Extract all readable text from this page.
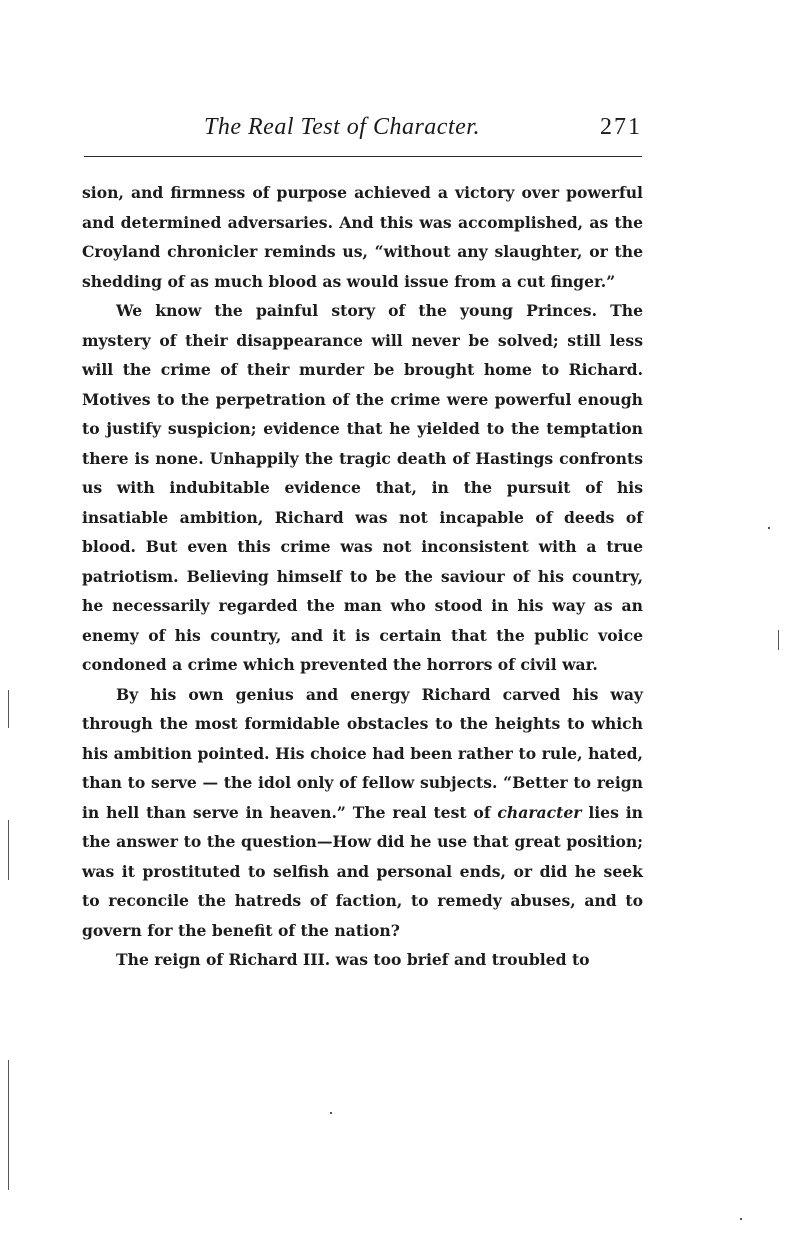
The Real Test of Character.	271

sion, and firmness of purpose achieved a victory over powerful and determined adversaries. And this was accomplished, as the Croyland chronicler reminds us, “without any slaughter, or the shedding of as much blood as would issue from a cut finger.”

We know the painful story of the young Princes. The mystery of their disappearance will never be solved; still less will the crime of their murder be brought home to Richard. Motives to the perpetration of the crime were powerful enough to justify suspicion; evidence that he yielded to the temptation there is none. Unhappily the tragic death of Hastings confronts us with indubitable evidence that, in the pursuit of his insatiable ambition, Richard was not incapable of deeds of blood. But even this crime was not inconsistent with a true patriotism. Believing himself to be the saviour of his country, he necessarily regarded the man who stood in his way as an enemy of his country, and it is certain that the public voice condoned a crime which prevented the horrors of civil war.

By his own genius and energy Richard carved his way through the most formidable obstacles to the heights to which his ambition pointed. His choice had been rather to rule, hated, than to serve — the idol only of fellow subjects. “Better to reign in hell than serve in heaven.” The real test of character lies in the answer to the question—How did he use that great position; was it prostituted to selfish and personal ends, or did he seek to reconcile the hatreds of faction, to remedy abuses, and to govern for the benefit of the nation?

The reign of Richard III. was too brief and troubled to
